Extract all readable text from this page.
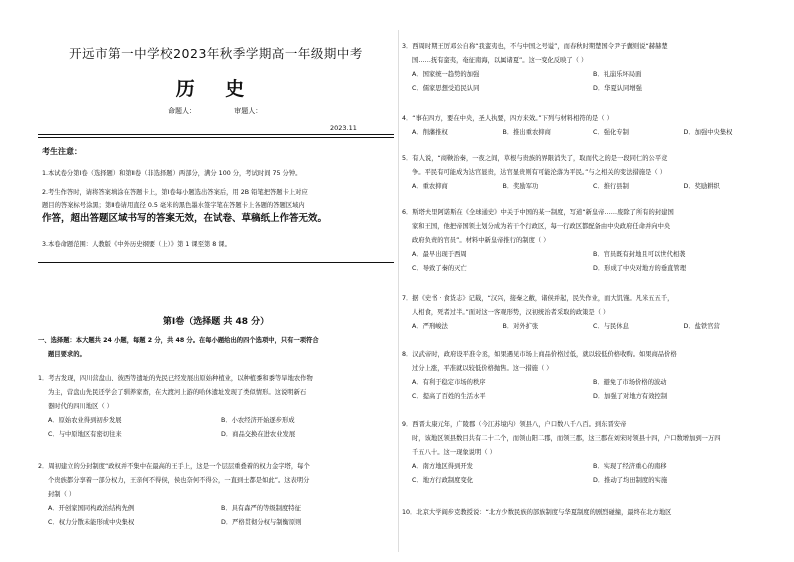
开远市第一中学校2023年秋季学期高一年级期中考
历 史
命题人：	审题人：
2023.11
考生注意：
1.本试卷分第Ⅰ卷（选择题）和第Ⅱ卷（非选择题）两部分，满分 100 分，考试时间 75 分钟。
2.考生作答时，请将答案填涂在答题卡上，第Ⅰ卷每小题选出答案后，用 2B 铅笔把答题卡上对应
题目的答案标号涂黑；第Ⅱ卷请用直径 0.5 毫米的黑色墨水签字笔在答题卡上各题的答题区域内
作答，超出答题区域书写的答案无效，在试卷、草稿纸上作答无效。
3.本卷命题范围：人教版《中外历史纲要（上）》第 1 课至第 8 课。
第Ⅰ卷（选择题 共 48 分）
一、选择题：本大题共 24 小题，每题 2 分，共 48 分。在每小题给出的四个选项中，只有一项符合
题目要求的。
1．考古发现，四川营盘山、彼西等遗址的先民已经发展出原始种植业，以种植黍和黍等旱地农作物
为主，营盘山先民还学会了驯养家畜，在大渡河上游的哈休遗址发现了类似情形。这说明新石
器时代的四川地区（ ）
A．原始农业得到初步发展	B．小农经济开始逐步形成
C．与中原地区有密切往来	D．商品交换在进农业发展
2．周初建立的分封制度“政权并不集中在最高的王手上，这是一个层层重叠着的权力金字塔，每个
个贵族都分享着一部分权力，王亲何不得侯，侯也奈何不得公，一直到士都是如此”。这表明分
封制（ ）
A．开创家国同构政治结构先例	B．具有森严的等级制度特征
C．权力分散未能形成中央集权	D．严格贯彻分权与制衡原则
3．西周时期王厉邓公自称“我蛮夷也，不与中国之号谥”，而春秋时期楚国令尹子囊则说“赫赫楚
国……抚有蛮夷，奄征南海，以属诸夏”。这一变化反映了（ ）
A．国家统一趋势的加强	B．礼崩乐坏局面
C．儒家思想受追民认同	D．华夏认同增强
4．“事在四方，要在中央，圣人执要，四方来效。”下列与材料相符的是（ ）
A．削藩推权	B．推出重农抑商	C．强化专制	D．加强中央集权
5．有人说，“商鞅治秦，一夜之间，草根与贵族的界限消失了，取而代之的是一段同仁的公平竞
争。平民有可能成为达官显贵，达官显贵则有可能沦落为平民。”与之相关的变法措施是（ ）
A．重农抑商	B．奖励军功	C．推行县制	D．奖励耕织
6．斯塔夫里阿诺斯在《全球通史》中关于中国的某一制度，写道“新皇帝……废除了所有的封建国
家和王国，他把帝国领土划分成为若干个行政区，每一行政区都配备由中央政府任命并向中央
政府负责的官员”。材料中新皇帝推行的制度（ ）
A．最早出现于西周	B．官员既有封地且可以世代相袭
C．导致了秦的灭亡	D．形成了中央对地方的垂直管理
7．据《史书 · 食货志》记载，“汉兴，接秦之敝，诸侯并起，民失作业，而大饥馑。凡米五五千，
人相食，死者过半。”面对这一客观形势，汉初统治者采取的政策是（ ）
A．严刑峻法	B．对外扩张	C．与民休息	D．盐铁官营
8．汉武帝时，政府设平准令丞，如果遇见市场上商品价格过低，就以较低价格收购。如果商品价格
过分上涨，平准就以较低价格抛售。这一措施（ ）
A．有利于稳定市场的秩序	B．避免了市场价格的波动
C．提高了百姓的生活水平	D．加强了对地方有效控制
9．西晋太康元年，广陵郡（今江苏境内）领县八，户口数八千八百。到东晋安帝
时，该地区领县数目共有二十二个，而领山阳二郡，而领三郡，这三郡在刘宋时领县十四，户口数增加到一万四
千五八十。这一现象说明（ ）
A．南方地区得到开发	B．实现了经济重心的南移
C．地方行政制度变化	D．推动了均田制度的实施
10．北京大学阎步克教授说：“北方少数民族的部族制度与华夏制度的剧烈碰撞，最终在北方地区
